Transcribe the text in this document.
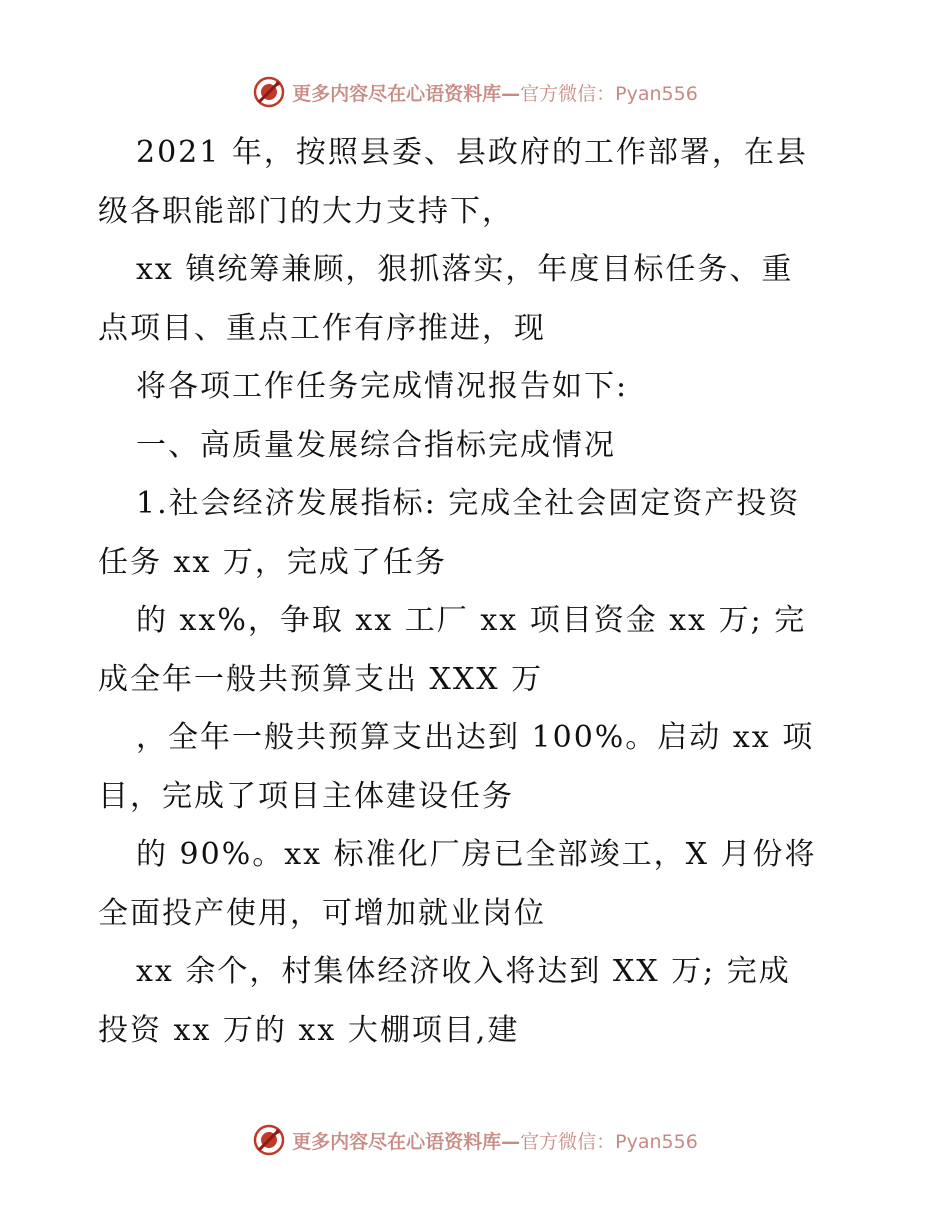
更多内容尽在心语资料库—官方微信：Pyan556
2021 年，按照县委、县政府的工作部署，在县
级各职能部门的大力支持下，
xx 镇统筹兼顾，狠抓落实，年度目标任务、重
点项目、重点工作有序推进，现
将各项工作任务完成情况报告如下:
一、高质量发展综合指标完成情况
1.社会经济发展指标: 完成全社会固定资产投资
任务 xx 万，完成了任务
的 xx%，争取 xx 工厂 xx 项目资金 xx 万; 完
成全年一般共预算支出 XXX 万
，全年一般共预算支出达到 100%。启动 xx 项
目，完成了项目主体建设任务
的 90%。xx 标准化厂房已全部竣工，X 月份将
全面投产使用，可增加就业岗位
xx 余个，村集体经济收入将达到 XX 万; 完成
投资 xx 万的 xx 大棚项目,建
更多内容尽在心语资料库—官方微信：Pyan556
